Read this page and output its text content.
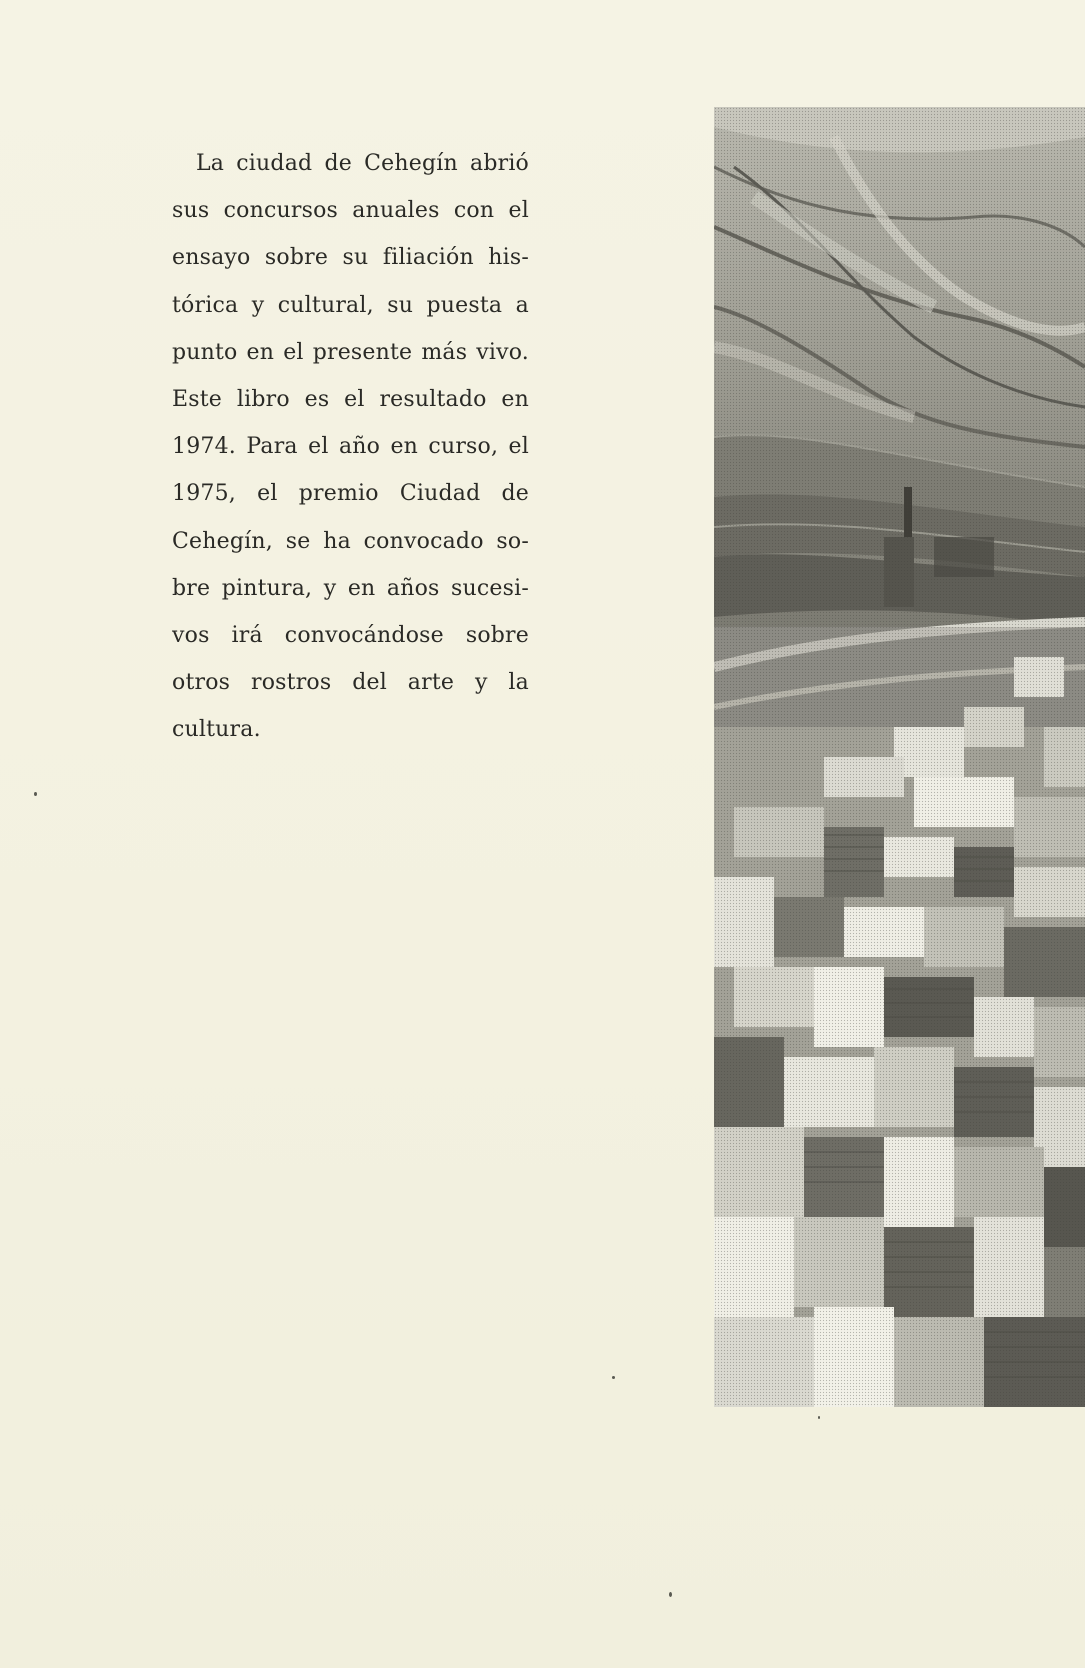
La ciudad de Cehegín abrió
sus concursos anuales con el
ensayo sobre su filiación his-
tórica y cultural, su puesta a
punto en el presente más vivo.
Este libro es el resultado en
1974. Para el año en curso, el
1975, el premio Ciudad de
Cehegín, se ha convocado so-
bre pintura, y en años sucesi-
vos irá convocándose sobre
otros rostros del arte y la
cultura.
